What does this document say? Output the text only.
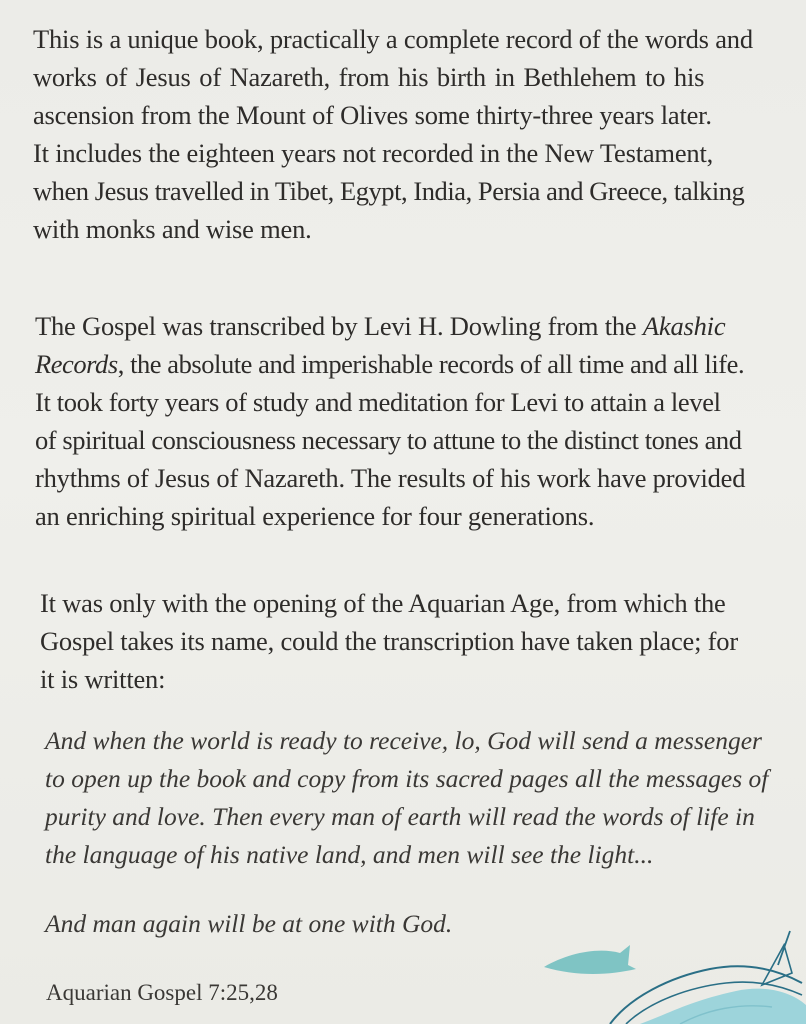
This is a unique book, practically a complete record of the words and
works of Jesus of Nazareth, from his birth in Bethlehem to his
ascension from the Mount of Olives some thirty-three years later.
It includes the eighteen years not recorded in the New Testament,
when Jesus travelled in Tibet, Egypt, India, Persia and Greece, talking
with monks and wise men.
The Gospel was transcribed by Levi H. Dowling from the Akashic
Records, the absolute and imperishable records of all time and all life.
It took forty years of study and meditation for Levi to attain a level
of spiritual consciousness necessary to attune to the distinct tones and
rhythms of Jesus of Nazareth. The results of his work have provided
an enriching spiritual experience for four generations.
It was only with the opening of the Aquarian Age, from which the
Gospel takes its name, could the transcription have taken place; for
it is written:
And when the world is ready to receive, lo, God will send a messenger
to open up the book and copy from its sacred pages all the messages of
purity and love. Then every man of earth will read the words of life in
the language of his native land, and men will see the light...

And man again will be at one with God.

Aquarian Gospel 7:25,28
